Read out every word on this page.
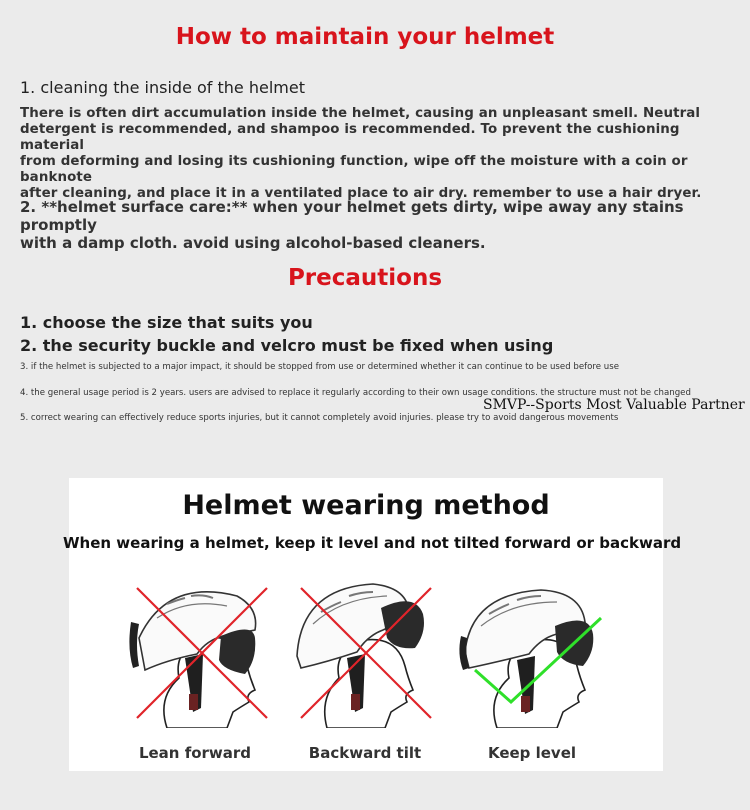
How to maintain your helmet
1. cleaning the inside of the helmet
There is often dirt accumulation inside the helmet, causing an unpleasant smell. Neutral
detergent is recommended, and shampoo is recommended. To prevent the cushioning material
from deforming and losing its cushioning function, wipe off the moisture with a coin or banknote
after cleaning, and place it in a ventilated place to air dry. remember to use a hair dryer.
2. **helmet surface care:** when your helmet gets dirty, wipe away any stains promptly
with a damp cloth. avoid using alcohol-based cleaners.
Precautions
1. choose the size that suits you
2. the security buckle and velcro must be fixed when using
3. if the helmet is subjected to a major impact, it should be stopped from use or determined whether it can continue to be used before use
4. the general usage period is 2 years. users are advised to replace it regularly according to their own usage conditions. the structure must not be changed
SMVP--Sports Most Valuable Partner
5. correct wearing can effectively reduce sports injuries, but it cannot completely avoid injuries. please try to avoid dangerous movements
Helmet wearing method
When wearing a helmet, keep it level and not tilted forward or backward
Lean forward	Backward tilt	Keep level
